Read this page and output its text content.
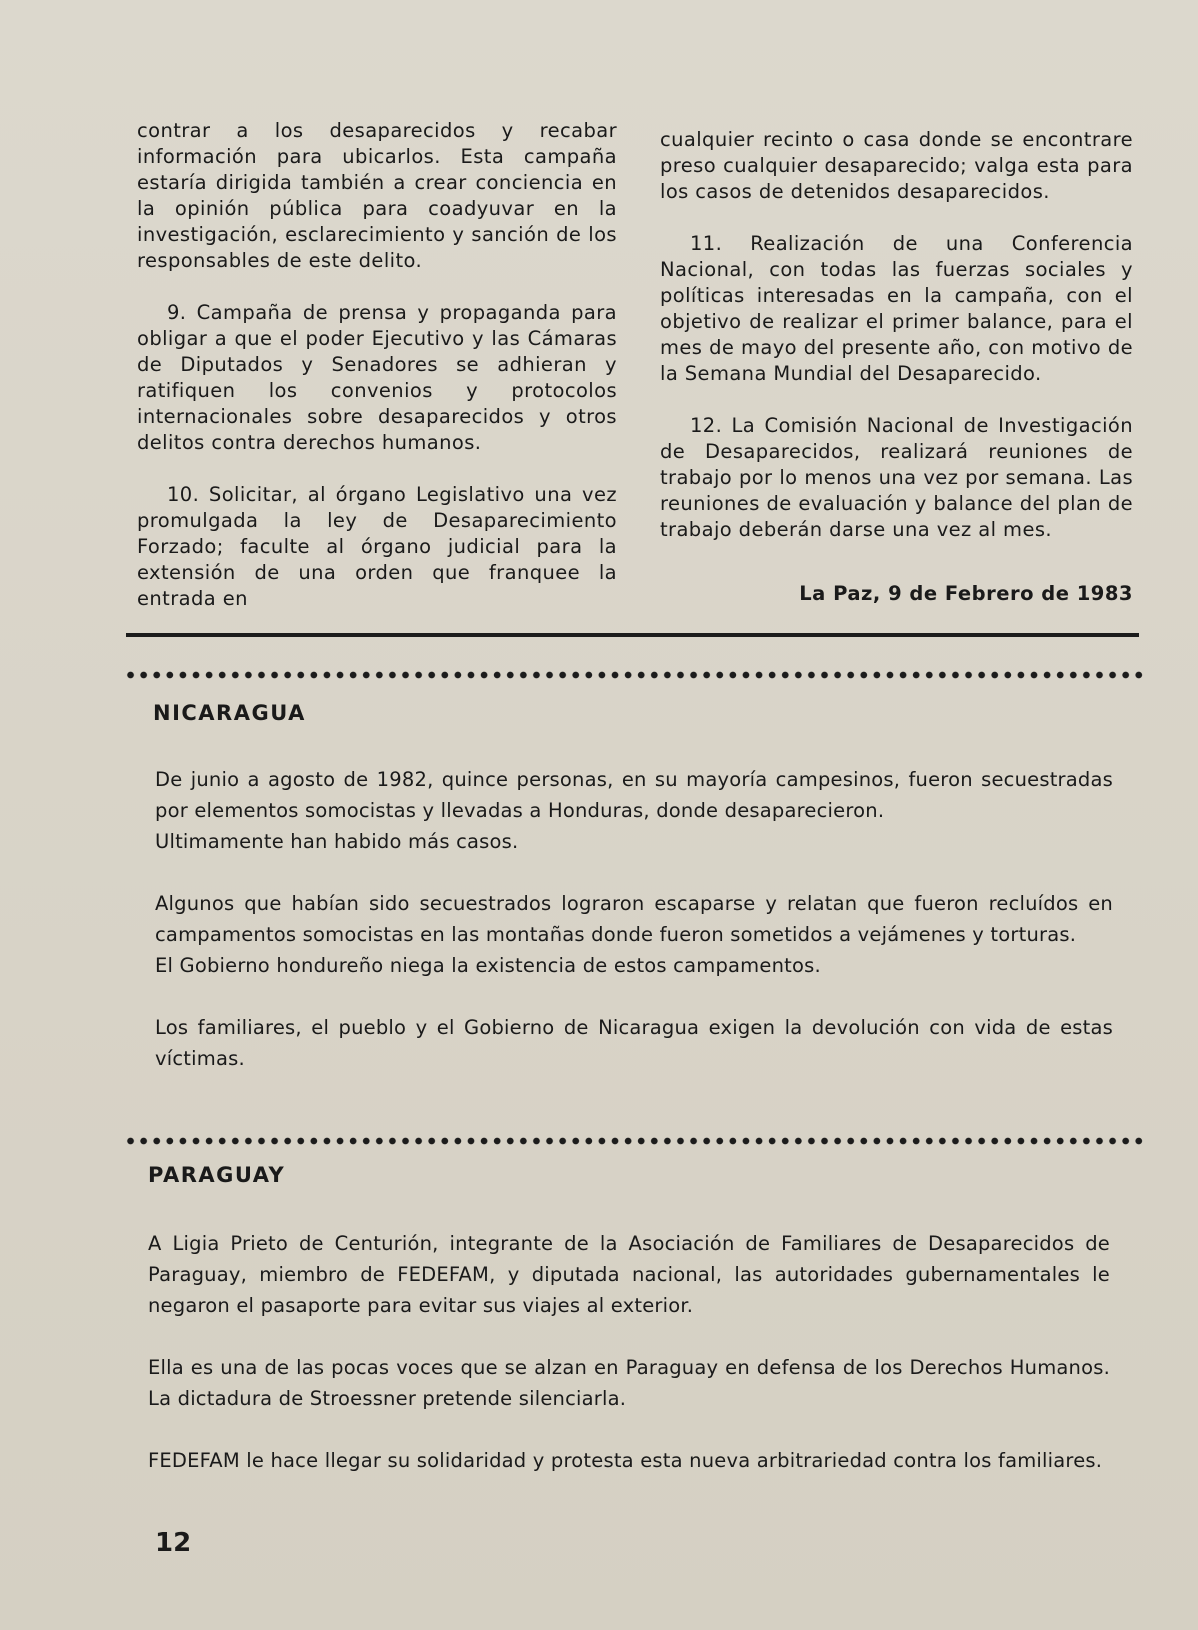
contrar a los desaparecidos y recabar información para ubicarlos. Esta campaña estaría dirigida también a crear conciencia en la opinión pública para coadyuvar en la investigación, esclarecimiento y sanción de los responsables de este delito.

9. Campaña de prensa y propaganda para obligar a que el poder Ejecutivo y las Cámaras de Diputados y Senadores se adhieran y ratifiquen los convenios y protocolos internacionales sobre desaparecidos y otros delitos contra derechos humanos.

10. Solicitar, al órgano Legislativo una vez promulgada la ley de Desaparecimiento Forzado; faculte al órgano judicial para la extensión de una orden que franquee la entrada en

cualquier recinto o casa donde se encontrare preso cualquier desaparecido; valga esta para los casos de detenidos desaparecidos.

11. Realización de una Conferencia Nacional, con todas las fuerzas sociales y políticas interesadas en la campaña, con el objetivo de realizar el primer balance, para el mes de mayo del presente año, con motivo de la Semana Mundial del Desaparecido.

12. La Comisión Nacional de Investigación de Desaparecidos, realizará reuniones de trabajo por lo menos una vez por semana. Las reuniones de evaluación y balance del plan de trabajo deberán darse una vez al mes.

La Paz, 9 de Febrero de 1983
NICARAGUA

De junio a agosto de 1982, quince personas, en su mayoría campesinos, fueron secuestradas por elementos somocistas y llevadas a Honduras, donde desaparecieron.

Ultimamente han habido más casos.

Algunos que habían sido secuestrados lograron escaparse y relatan que fueron recluídos en campamentos somocistas en las montañas donde fueron sometidos a vejámenes y torturas.

El Gobierno hondureño niega la existencia de estos campamentos.

Los familiares, el pueblo y el Gobierno de Nicaragua exigen la devolución con vida de estas víctimas.

PARAGUAY

A Ligia Prieto de Centurión, integrante de la Asociación de Familiares de Desaparecidos de Paraguay, miembro de FEDEFAM, y diputada nacional, las autoridades gubernamentales le negaron el pasaporte para evitar sus viajes al exterior.

Ella es una de las pocas voces que se alzan en Paraguay en defensa de los Derechos Humanos. La dictadura de Stroessner pretende silenciarla.

FEDEFAM le hace llegar su solidaridad y protesta esta nueva arbitrariedad contra los familiares.

12
